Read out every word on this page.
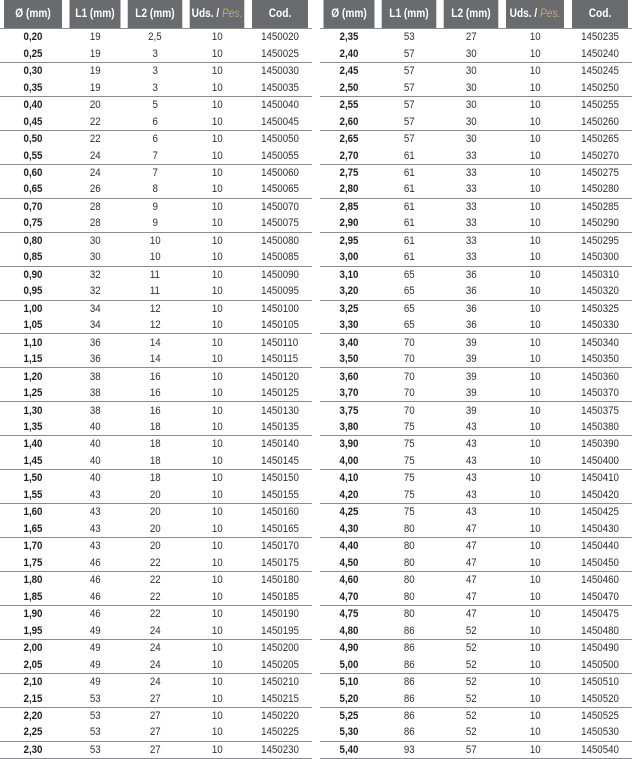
Ø (mm)	L1 (mm)	L2 (mm)	Uds. / Pes.	Cod.
0,20	19	2,5	10	1450020
0,25	19	3	10	1450025
0,30	19	3	10	1450030
0,35	19	3	10	1450035
0,40	20	5	10	1450040
0,45	22	6	10	1450045
0,50	22	6	10	1450050
0,55	24	7	10	1450055
0,60	24	7	10	1450060
0,65	26	8	10	1450065
0,70	28	9	10	1450070
0,75	28	9	10	1450075
0,80	30	10	10	1450080
0,85	30	10	10	1450085
0,90	32	11	10	1450090
0,95	32	11	10	1450095
1,00	34	12	10	1450100
1,05	34	12	10	1450105
1,10	36	14	10	1450110
1,15	36	14	10	1450115
1,20	38	16	10	1450120
1,25	38	16	10	1450125
1,30	38	16	10	1450130
1,35	40	18	10	1450135
1,40	40	18	10	1450140
1,45	40	18	10	1450145
1,50	40	18	10	1450150
1,55	43	20	10	1450155
1,60	43	20	10	1450160
1,65	43	20	10	1450165
1,70	43	20	10	1450170
1,75	46	22	10	1450175
1,80	46	22	10	1450180
1,85	46	22	10	1450185
1,90	46	22	10	1450190
1,95	49	24	10	1450195
2,00	49	24	10	1450200
2,05	49	24	10	1450205
2,10	49	24	10	1450210
2,15	53	27	10	1450215
2,20	53	27	10	1450220
2,25	53	27	10	1450225
2,30	53	27	10	1450230
Ø (mm)	L1 (mm)	L2 (mm)	Uds. / Pes.	Cod.
2,35	53	27	10	1450235
2,40	57	30	10	1450240
2,45	57	30	10	1450245
2,50	57	30	10	1450250
2,55	57	30	10	1450255
2,60	57	30	10	1450260
2,65	57	30	10	1450265
2,70	61	33	10	1450270
2,75	61	33	10	1450275
2,80	61	33	10	1450280
2,85	61	33	10	1450285
2,90	61	33	10	1450290
2,95	61	33	10	1450295
3,00	61	33	10	1450300
3,10	65	36	10	1450310
3,20	65	36	10	1450320
3,25	65	36	10	1450325
3,30	65	36	10	1450330
3,40	70	39	10	1450340
3,50	70	39	10	1450350
3,60	70	39	10	1450360
3,70	70	39	10	1450370
3,75	70	39	10	1450375
3,80	75	43	10	1450380
3,90	75	43	10	1450390
4,00	75	43	10	1450400
4,10	75	43	10	1450410
4,20	75	43	10	1450420
4,25	75	43	10	1450425
4,30	80	47	10	1450430
4,40	80	47	10	1450440
4,50	80	47	10	1450450
4,60	80	47	10	1450460
4,70	80	47	10	1450470
4,75	80	47	10	1450475
4,80	86	52	10	1450480
4,90	86	52	10	1450490
5,00	86	52	10	1450500
5,10	86	52	10	1450510
5,20	86	52	10	1450520
5,25	86	52	10	1450525
5,30	86	52	10	1450530
5,40	93	57	10	1450540
